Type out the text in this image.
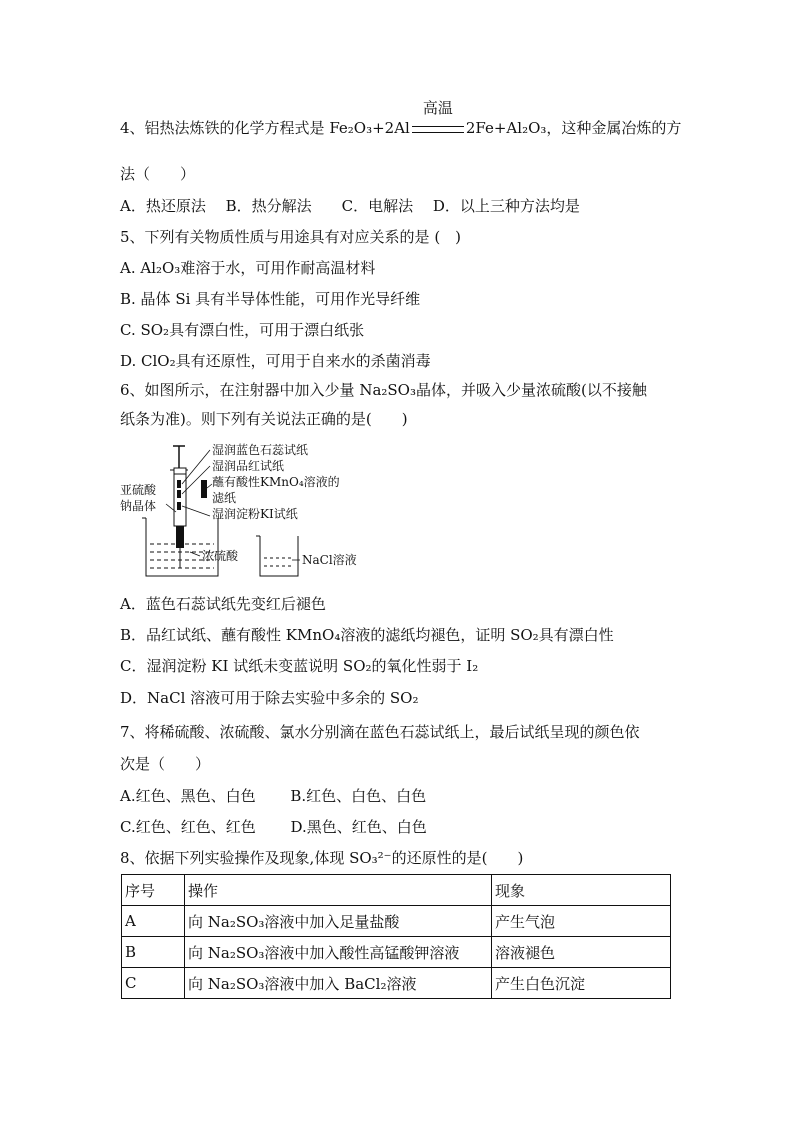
4、铝热法炼铁的化学方程式是 Fe₂O₃+2Al
高温
2Fe+Al₂O₃，这种金属冶炼的方
法（　　）
A．热还原法　 B．热分解法　　C．电解法　 D．以上三种方法均是
5、下列有关物质性质与用途具有对应关系的是 (　)
A. Al₂O₃难溶于水，可用作耐高温材料
B. 晶体 Si 具有半导体性能，可用作光导纤维
C. SO₂具有漂白性，可用于漂白纸张
D. ClO₂具有还原性，可用于自来水的杀菌消毒
6、如图所示，在注射器中加入少量 Na₂SO₃晶体，并吸入少量浓硫酸(以不接触
纸条为准)。则下列有关说法正确的是(　　)
湿润蓝色石蕊试纸
湿润品红试纸
蘸有酸性KMnO₄溶液的
滤纸
湿润淀粉KI试纸
亚硫酸
钠晶体
浓硫酸	NaCl溶液
A．蓝色石蕊试纸先变红后褪色
B．品红试纸、蘸有酸性 KMnO₄溶液的滤纸均褪色，证明 SO₂具有漂白性
C．湿润淀粉 KI 试纸未变蓝说明 SO₂的氧化性弱于 I₂
D．NaCl 溶液可用于除去实验中多余的 SO₂
7、将稀硫酸、浓硫酸、氯水分别滴在蓝色石蕊试纸上，最后试纸呈现的颜色依
次是（　　）
A.红色、黑色、白色　　 B.红色、白色、白色
C.红色、红色、红色　　 D.黑色、红色、白色
8、依据下列实验操作及现象,体现 SO₃²⁻的还原性的是(　　)
序号	操作	现象
A	向 Na₂SO₃溶液中加入足量盐酸	产生气泡
B	向 Na₂SO₃溶液中加入酸性高锰酸钾溶液	溶液褪色
C	向 Na₂SO₃溶液中加入 BaCl₂溶液	产生白色沉淀
